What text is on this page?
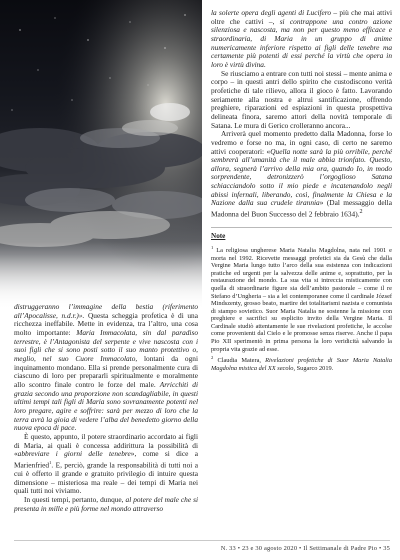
distruggeranno l’immagine della bestia (riferimento all’Apocalisse, n.d.r.)». Questa scheggia profetica è di una ricchezza ineffabile. Mette in evidenza, tra l’altro, una cosa molto importante: Maria Immacolata, sin dal paradiso terrestre, è l’Antagonista del serpente e vive nascosta con i suoi figli che si sono posti sotto il suo manto protettivo o, meglio, nel suo Cuore Immacolato, lontani da ogni inquinamento mondano. Ella si prende personalmente cura di ciascuno di loro per prepararli spiritualmente e moralmente allo scontro finale contro le forze del male. Arricchiti di grazia secondo una proporzione non scandagliabile, in questi ultimi tempi tali figli di Maria sono sovranamente potenti nel loro pregare, agire e soffrire: sarà per mezzo di loro che la terra avrà la gioia di vedere l’alba del benedetto giorno della nuova epoca di pace.

È questo, appunto, il potere straordinario accordato ai figli di Maria, ai quali è concessa addirittura la possibilità di «abbreviare i giorni delle tenebre», come si dice a Marienfried$^1$. E, perciò, grande la responsabilità di tutti noi a cui è offerto il grande e gratuito privilegio di intuire questa dimensione – misteriosa ma reale – dei tempi di Maria nei quali tutti noi viviamo.

In questi tempi, pertanto, dunque, al potere del male che si presenta in mille e più forme nel mondo attraverso

la solerte opera degli agenti di Lucifero – più che mai attivi oltre che cattivi –, si contrappone una contro azione silenziosa e nascosta, ma non per questo meno efficace e straordinaria, di Maria in un gruppo di anime numericamente inferiore rispetto ai figli delle tenebre ma certamente più potenti di essi perché la virtù che opera in loro è virtù divina.

Se riusciamo a entrare con tutti noi stessi – mente anima e corpo – in questi antri dello spirito che custodiscono verità profetiche di tale rilievo, allora il gioco è fatto. Lavorando seriamente alla nostra e altrui santificazione, offrendo preghiere, riparazioni ed espiazioni in questa prospettiva delineata finora, saremo attori della novità temporale di Satana. Le mura di Gerico crolleranno ancora...

Arriverà quel momento predetto dalla Madonna, forse lo vedremo e forse no ma, in ogni caso, di certo ne saremo attivi cooperatori: «Quella notte sarà la più orribile, perché sembrerà all’umanità che il male abbia trionfato. Questo, allora, segnerà l’arrivo della mia ora, quando Io, in modo sorprendente, detronizzerò l’orgoglioso Satana schiacciandolo sotto il mio piede e incatenandolo negli abissi infernali, liberando, così, finalmente la Chiesa e la Nazione dalla sua crudele tirannia» (Dal messaggio della Madonna del Buon Successo del 2 febbraio 1634).$^2$

Note

$^1$ La religiosa ungherese Maria Natalia Magdolna, nata nel 1901 e morta nel 1992. Ricevette messaggi profetici sia da Gesù che dalla Vergine Maria lungo tutto l’arco della sua esistenza con indicazioni pratiche ed urgenti per la salvezza delle anime e, soprattutto, per la restaurazione del mondo. La sua vita si intreccia misticamente con quella di straordinarie figure sia dell’ambito pastorale – come il re Stefano d’Ungheria – sia a lei contemporanee come il cardinale József Mindszenty, grosso beato, martire dei totalitarismi nazista e comunista di stampo sovietico. Suor Maria Natalia ne sostenne la missione con preghiere e sacrifici su esplicito invito della Vergine Maria. Il Cardinale studiò attentamente le sue rivelazioni profetiche, le accolse come provenienti dal Cielo e le promosse senza riserve. Anche il papa Pio XII sperimentò in prima persona la loro veridicità salvando la propria vita grazie ad esse.

$^2$ Claudia Matera, Rivelazioni profetiche di Suor Maria Natalia Magdolna mistica del XX secolo, Sugarco 2019.

N. 33 • 23 e 30 agosto 2020 • Il Settimanale di Padre Pio • 35
